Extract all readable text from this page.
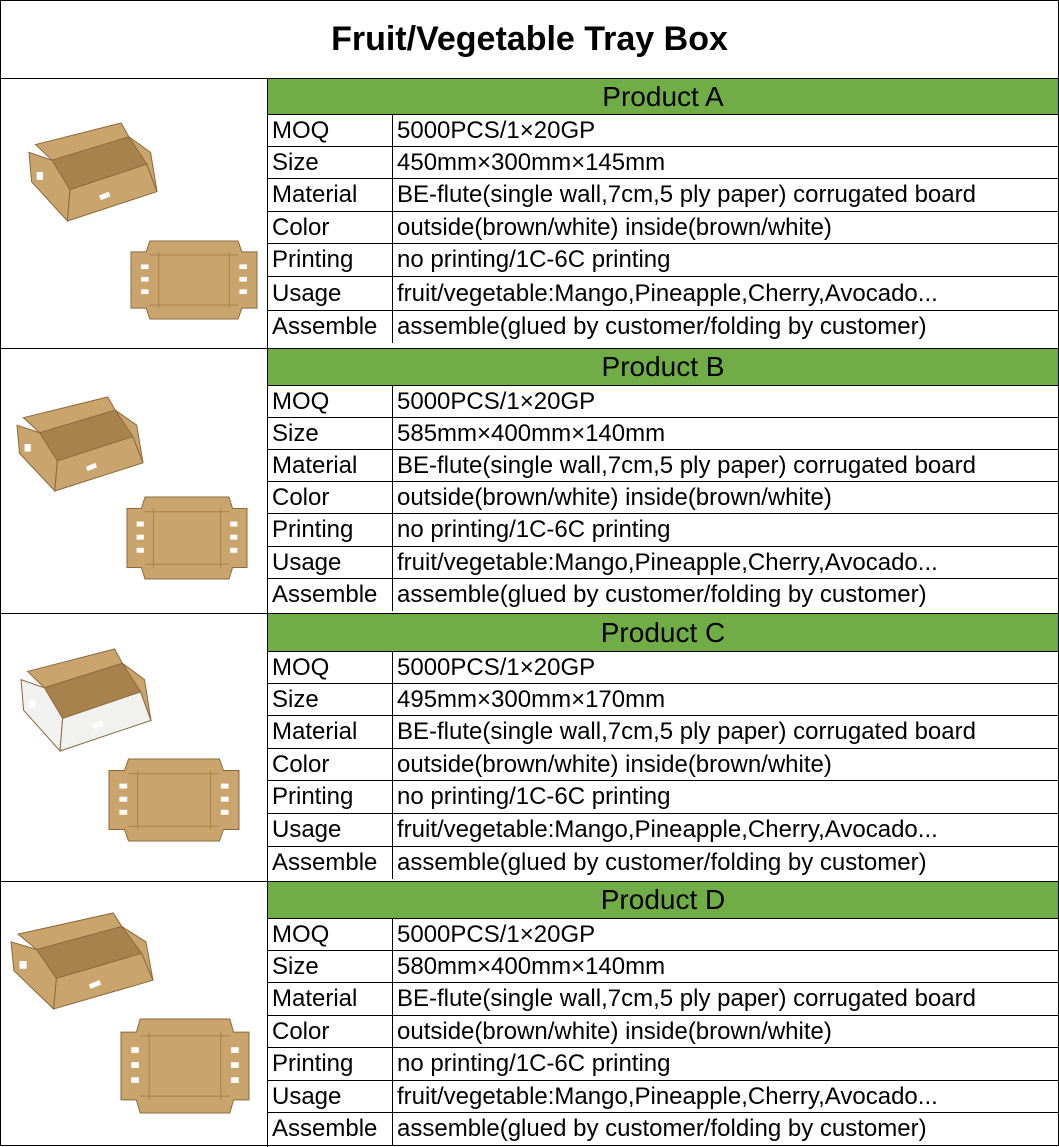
Fruit/Vegetable Tray Box
Product A
MOQ	5000PCS/1×20GP
Size	450mm×300mm×145mm
Material	BE-flute(single wall,7cm,5 ply paper) corrugated board
Color	outside(brown/white) inside(brown/white)
Printing	no printing/1C-6C printing
Usage	fruit/vegetable:Mango,Pineapple,Cherry,Avocado...
Assemble assemble(glued by customer/folding by customer)
Product B
MOQ	5000PCS/1×20GP
Size	585mm×400mm×140mm
Material	BE-flute(single wall,7cm,5 ply paper) corrugated board
Color	outside(brown/white) inside(brown/white)
Printing	no printing/1C-6C printing
Usage	fruit/vegetable:Mango,Pineapple,Cherry,Avocado...
Assemble assemble(glued by customer/folding by customer)
Product C
MOQ	5000PCS/1×20GP
Size	495mm×300mm×170mm
Material	BE-flute(single wall,7cm,5 ply paper) corrugated board
Color	outside(brown/white) inside(brown/white)
Printing	no printing/1C-6C printing
Usage	fruit/vegetable:Mango,Pineapple,Cherry,Avocado...
Assemble assemble(glued by customer/folding by customer)
Product D
MOQ	5000PCS/1×20GP
Size	580mm×400mm×140mm
Material	BE-flute(single wall,7cm,5 ply paper) corrugated board
Color	outside(brown/white) inside(brown/white)
Printing	no printing/1C-6C printing
Usage	fruit/vegetable:Mango,Pineapple,Cherry,Avocado...
Assemble assemble(glued by customer/folding by customer)
